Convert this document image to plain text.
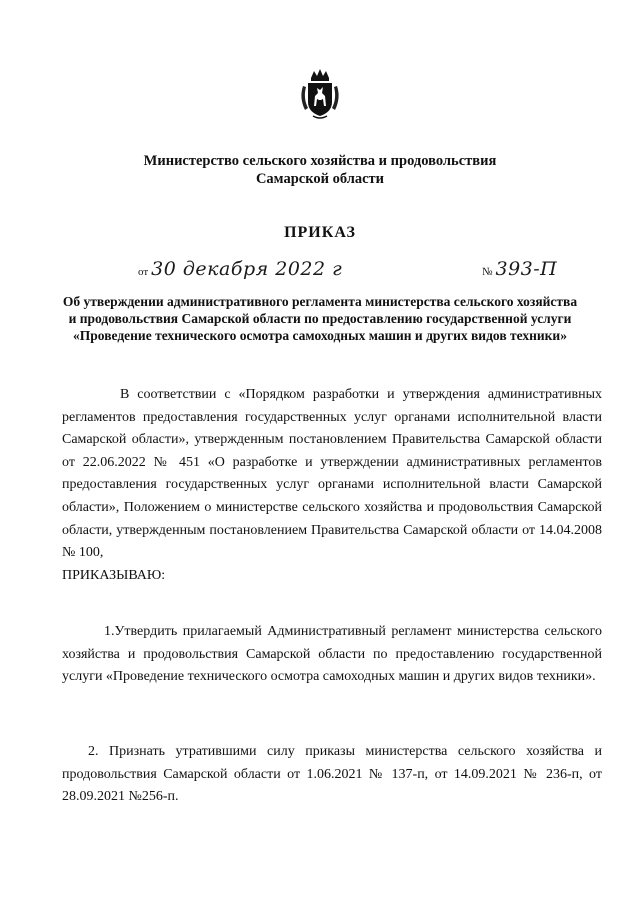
Министерство сельского хозяйства и продовольствия
Самарской области
ПРИКАЗ
от 30 декабря 2022 г	№ 393-П
Об утверждении административного регламента министерства сельского хозяйства и продовольствия Самарской области по предоставлению государственной услуги «Проведение технического осмотра самоходных машин и других видов техники»

В соответствии с «Порядком разработки и утверждения административных регламентов предоставления государственных услуг органами исполнительной власти Самарской области», утвержденным постановлением Правительства Самарской области от 22.06.2022 № 451 «О разработке и утверждении административных регламентов предоставления государственных услуг органами исполнительной власти Самарской области», Положением о министерстве сельского хозяйства и продовольствия Самарской области, утвержденным постановлением Правительства Самарской области от 14.04.2008 № 100,
ПРИКАЗЫВАЮ:

1.Утвердить прилагаемый Административный регламент министерства сельского хозяйства и продовольствия Самарской области по предоставлению государственной услуги «Проведение технического осмотра самоходных машин и других видов техники».

2. Признать утратившими силу приказы министерства сельского хозяйства и продовольствия Самарской области от 1.06.2021 № 137-п, от 14.09.2021 № 236-п, от 28.09.2021 №256-п.
